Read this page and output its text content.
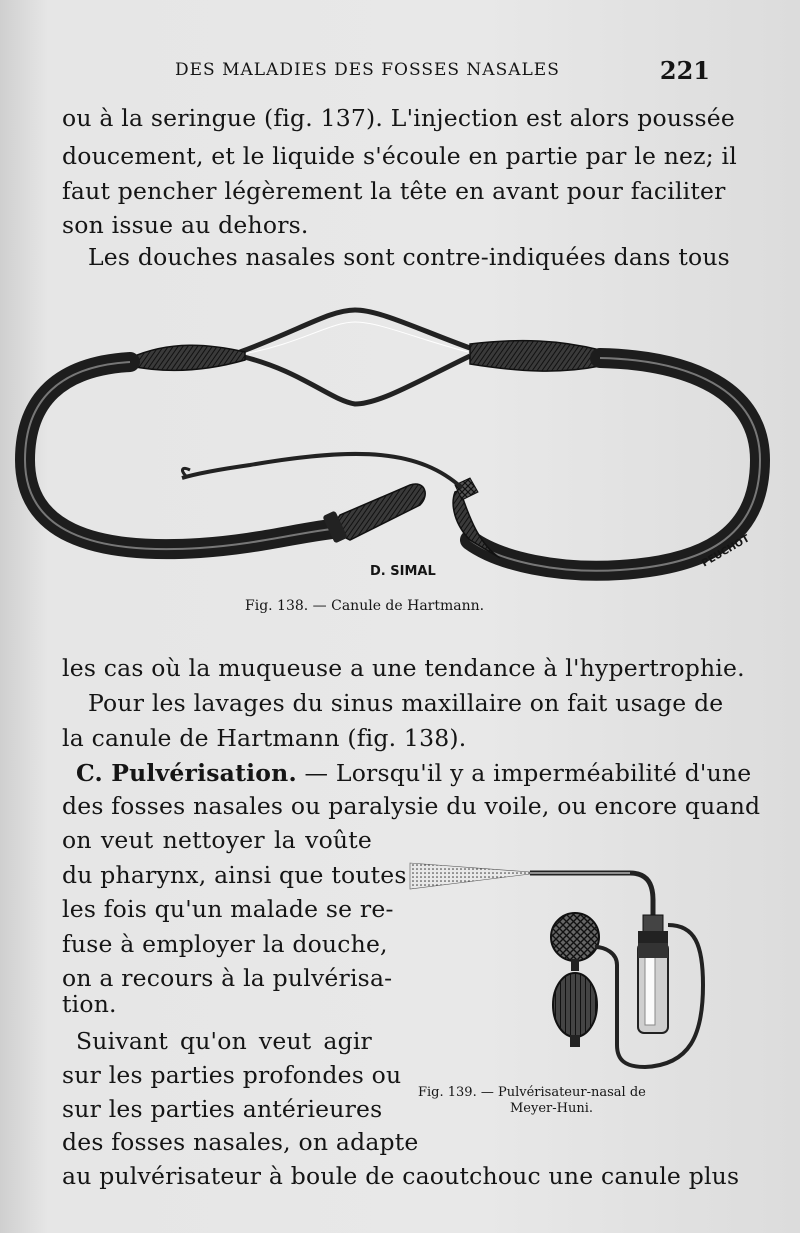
DES MALADIES DES FOSSES NASALES	221
ou à la seringue (fig. 137). L'injection est alors poussée
doucement, et le liquide s'écoule en partie par le nez; il
faut pencher légèrement la tête en avant pour faciliter
son issue au dehors.
Les douches nasales sont contre-indiquées dans tous
D. SIMAL
PEUCHOT
Fig. 138. — Canule de Hartmann.
les cas où la muqueuse a une tendance à l'hypertrophie.
Pour les lavages du sinus maxillaire on fait usage de
la canule de Hartmann (fig. 138).
C. Pulvérisation. — Lorsqu'il y a imperméabilité d'une
des fosses nasales ou paralysie du voile, ou encore quand
on veut nettoyer la voûte
du pharynx, ainsi que toutes
les fois qu'un malade se re-
fuse à employer la douche,
on a recours à la pulvérisa-
tion.
Suivant qu'on veut agir
sur les parties profondes ou
sur les parties antérieures
des fosses nasales, on adapte
au pulvérisateur à boule de caoutchouc une canule plus
Fig. 139. — Pulvérisateur-nasal de
Meyer-Huni.
